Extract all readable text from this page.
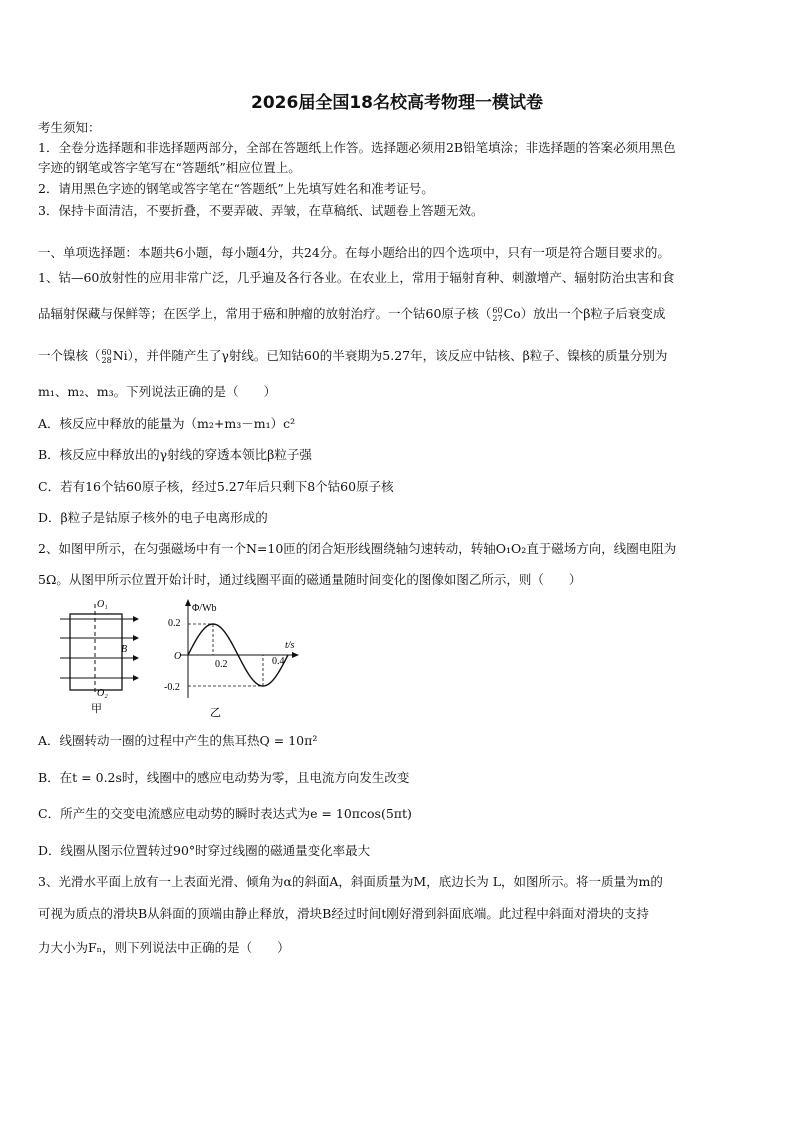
2026届全国18名校高考物理一模试卷
考生须知：
1．全卷分选择题和非选择题两部分，全部在答题纸上作答。选择题必须用2B铅笔填涂；非选择题的答案必须用黑色
字迹的钢笔或答字笔写在“答题纸”相应位置上。
2．请用黑色字迹的钢笔或答字笔在“答题纸”上先填写姓名和准考证号。
3．保持卡面清洁，不要折叠，不要弄破、弄皱，在草稿纸、试题卷上答题无效。
一、单项选择题：本题共6小题，每小题4分，共24分。在每小题给出的四个选项中，只有一项是符合题目要求的。
1、钴—60放射性的应用非常广泛，几乎遍及各行各业。在农业上，常用于辐射育种、刺激增产、辐射防治虫害和食
品辐射保藏与保鲜等；在医学上，常用于癌和肿瘤的放射治疗。一个钴60原子核（ 60
27 Co）放出一个β粒子后衰变成
一个镍核（ 60
28 Ni），并伴随产生了γ射线。已知钴60的半衰期为5.27年，该反应中钴核、β粒子、镍核的质量分别为
m₁、m₂、m₃。下列说法正确的是（　　）
A．核反应中释放的能量为（m₂+m₃－m₁）c²
B．核反应中释放出的γ射线的穿透本领比β粒子强
C．若有16个钴60原子核，经过5.27年后只剩下8个钴60原子核
D．β粒子是钴原子核外的电子电离形成的
2、如图甲所示，在匀强磁场中有一个N=10匝的闭合矩形线圈绕轴匀速转动，转轴O₁O₂直于磁场方向，线圈电阻为
5Ω。从图甲所示位置开始计时，通过线圈平面的磁通量随时间变化的图像如图乙所示，则（　　）
O₁
O₂
B
甲
Φ/Wb
t/s
O
0.2
-0.2
0.2	0.4
乙
A．线圈转动一圈的过程中产生的焦耳热Q = 10π²
B．在t = 0.2s时，线圈中的感应电动势为零，且电流方向发生改变
C．所产生的交变电流感应电动势的瞬时表达式为e = 10πcos(5πt)
D．线圈从图示位置转过90°时穿过线圈的磁通量变化率最大
3、光滑水平面上放有一上表面光滑、倾角为α的斜面A，斜面质量为M，底边长为 L，如图所示。将一质量为m的
可视为质点的滑块B从斜面的顶端由静止释放，滑块B经过时间t刚好滑到斜面底端。此过程中斜面对滑块的支持
力大小为Fₙ，则下列说法中正确的是（　　）
